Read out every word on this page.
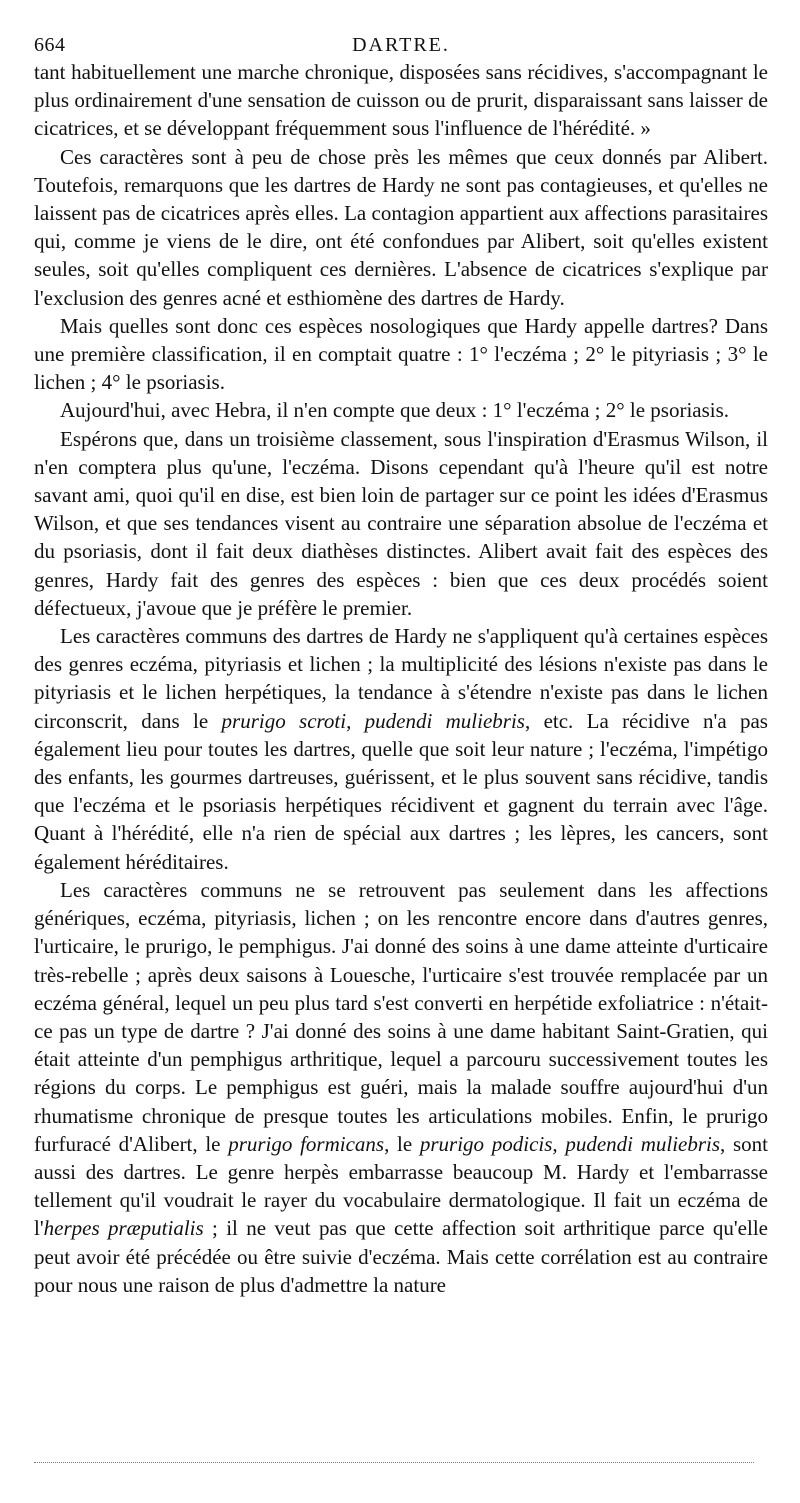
664	DARTRE.

tant habituellement une marche chronique, disposées sans récidives, s'accompagnant le plus ordinairement d'une sensation de cuisson ou de prurit, disparaissant sans laisser de cicatrices, et se développant fréquemment sous l'influence de l'hérédité. »

Ces caractères sont à peu de chose près les mêmes que ceux donnés par Alibert. Toutefois, remarquons que les dartres de Hardy ne sont pas contagieuses, et qu'elles ne laissent pas de cicatrices après elles. La contagion appartient aux affections parasitaires qui, comme je viens de le dire, ont été confondues par Alibert, soit qu'elles existent seules, soit qu'elles compliquent ces dernières. L'absence de cicatrices s'explique par l'exclusion des genres acné et esthiomène des dartres de Hardy.

Mais quelles sont donc ces espèces nosologiques que Hardy appelle dartres? Dans une première classification, il en comptait quatre : 1° l'eczéma ; 2° le pityriasis ; 3° le lichen ; 4° le psoriasis.

Aujourd'hui, avec Hebra, il n'en compte que deux : 1° l'eczéma ; 2° le psoriasis.

Espérons que, dans un troisième classement, sous l'inspiration d'Erasmus Wilson, il n'en comptera plus qu'une, l'eczéma. Disons cependant qu'à l'heure qu'il est notre savant ami, quoi qu'il en dise, est bien loin de partager sur ce point les idées d'Erasmus Wilson, et que ses tendances visent au contraire une séparation absolue de l'eczéma et du psoriasis, dont il fait deux diathèses distinctes. Alibert avait fait des espèces des genres, Hardy fait des genres des espèces : bien que ces deux procédés soient défectueux, j'avoue que je préfère le premier.

Les caractères communs des dartres de Hardy ne s'appliquent qu'à certaines espèces des genres eczéma, pityriasis et lichen ; la multiplicité des lésions n'existe pas dans le pityriasis et le lichen herpétiques, la tendance à s'étendre n'existe pas dans le lichen circonscrit, dans le prurigo scroti, pudendi muliebris, etc. La récidive n'a pas également lieu pour toutes les dartres, quelle que soit leur nature ; l'eczéma, l'impétigo des enfants, les gourmes dartreuses, guérissent, et le plus souvent sans récidive, tandis que l'eczéma et le psoriasis herpétiques récidivent et gagnent du terrain avec l'âge. Quant à l'hérédité, elle n'a rien de spécial aux dartres ; les lèpres, les cancers, sont également héréditaires.

Les caractères communs ne se retrouvent pas seulement dans les affections génériques, eczéma, pityriasis, lichen ; on les rencontre encore dans d'autres genres, l'urticaire, le prurigo, le pemphigus. J'ai donné des soins à une dame atteinte d'urticaire très-rebelle ; après deux saisons à Louesche, l'urticaire s'est trouvée remplacée par un eczéma général, lequel un peu plus tard s'est converti en herpétide exfoliatrice : n'était-ce pas un type de dartre ? J'ai donné des soins à une dame habitant Saint-Gratien, qui était atteinte d'un pemphigus arthritique, lequel a parcouru successivement toutes les régions du corps. Le pemphigus est guéri, mais la malade souffre aujourd'hui d'un rhumatisme chronique de presque toutes les articulations mobiles. Enfin, le prurigo furfuracé d'Alibert, le prurigo formicans, le prurigo podicis, pudendi muliebris, sont aussi des dartres. Le genre herpès embarrasse beaucoup M. Hardy et l'embarrasse tellement qu'il voudrait le rayer du vocabulaire dermatologique. Il fait un eczéma de l'herpes præputialis ; il ne veut pas que cette affection soit arthritique parce qu'elle peut avoir été précédée ou être suivie d'eczéma. Mais cette corrélation est au contraire pour nous une raison de plus d'admettre la nature
